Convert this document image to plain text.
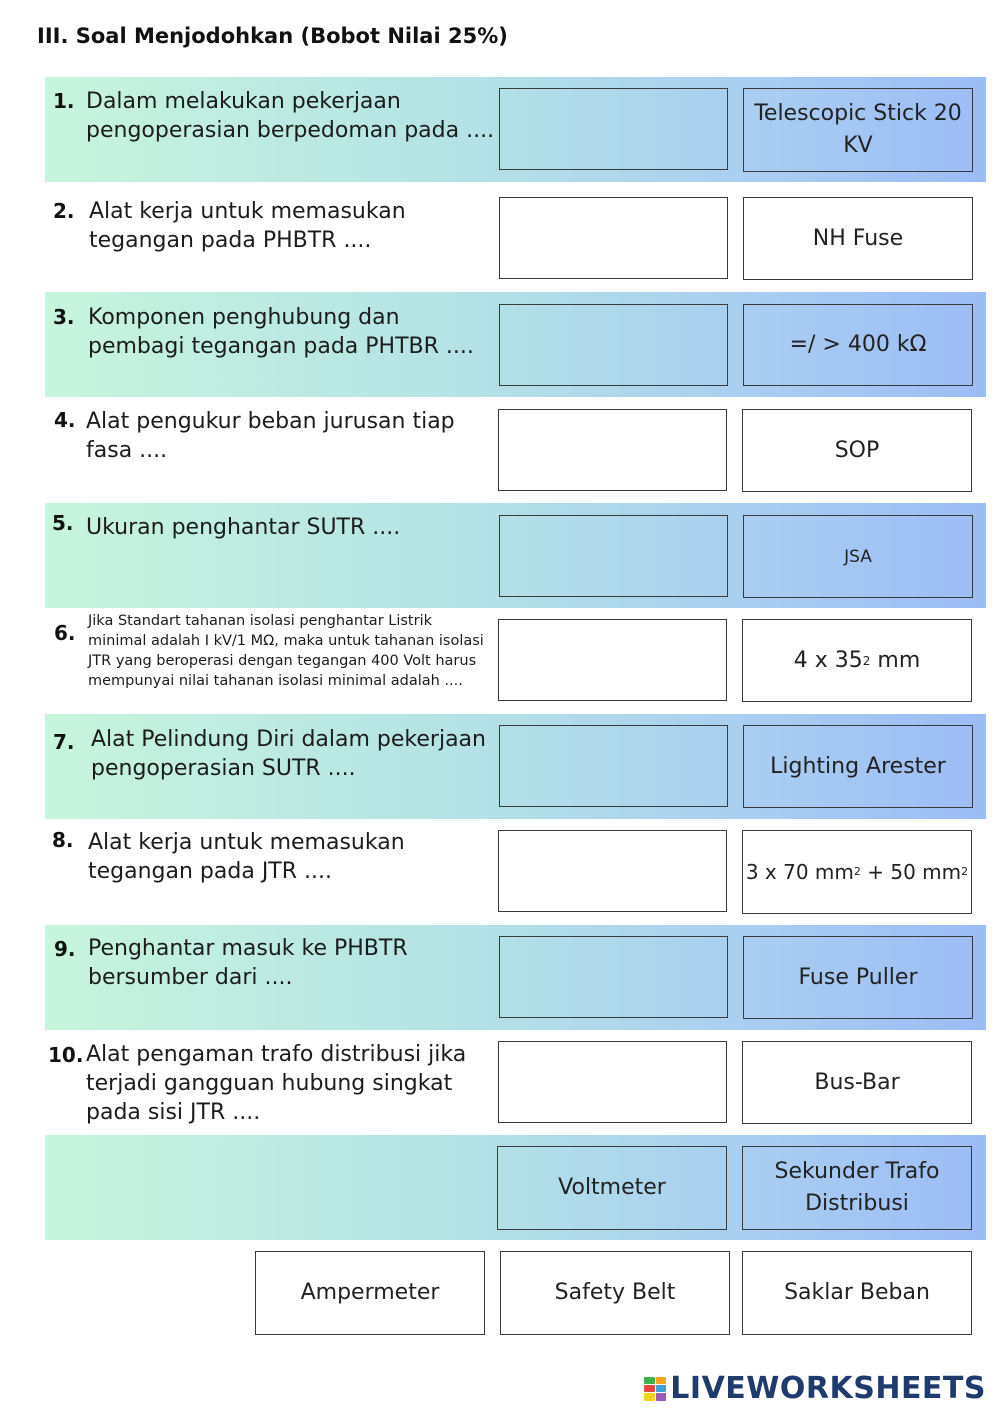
III. Soal Menjodohkan (Bobot Nilai 25%)
1. Dalam melakukan pekerjaan pengoperasian berpedoman pada ....
2. Alat kerja untuk memasukan tegangan pada PHBTR ....
3. Komponen penghubung dan pembagi tegangan pada PHTBR ....
4. Alat pengukur beban jurusan tiap fasa ....
5. Ukuran penghantar SUTR ....
6. Jika Standart tahanan isolasi penghantar Listrik minimal adalah I kV/1 MΩ, maka untuk tahanan isolasi JTR yang beroperasi dengan tegangan 400 Volt harus mempunyai nilai tahanan isolasi minimal adalah ....
7. Alat Pelindung Diri dalam pekerjaan pengoperasian SUTR ....
8. Alat kerja untuk memasukan tegangan pada JTR ....
9. Penghantar masuk ke PHBTR bersumber dari ....
10. Alat pengaman trafo distribusi jika terjadi gangguan hubung singkat pada sisi JTR ....
Telescopic Stick 20 KV
NH Fuse
=/ > 400 kΩ
SOP
JSA
4 x 35 2 mm
Lighting Arester
3 x 70 mm 2 + 50 mm 2
Fuse Puller
Bus-Bar
Voltmeter
Sekunder Trafo Distribusi
Ampermeter	Safety Belt	Saklar Beban
LIVEWORKSHEETS
